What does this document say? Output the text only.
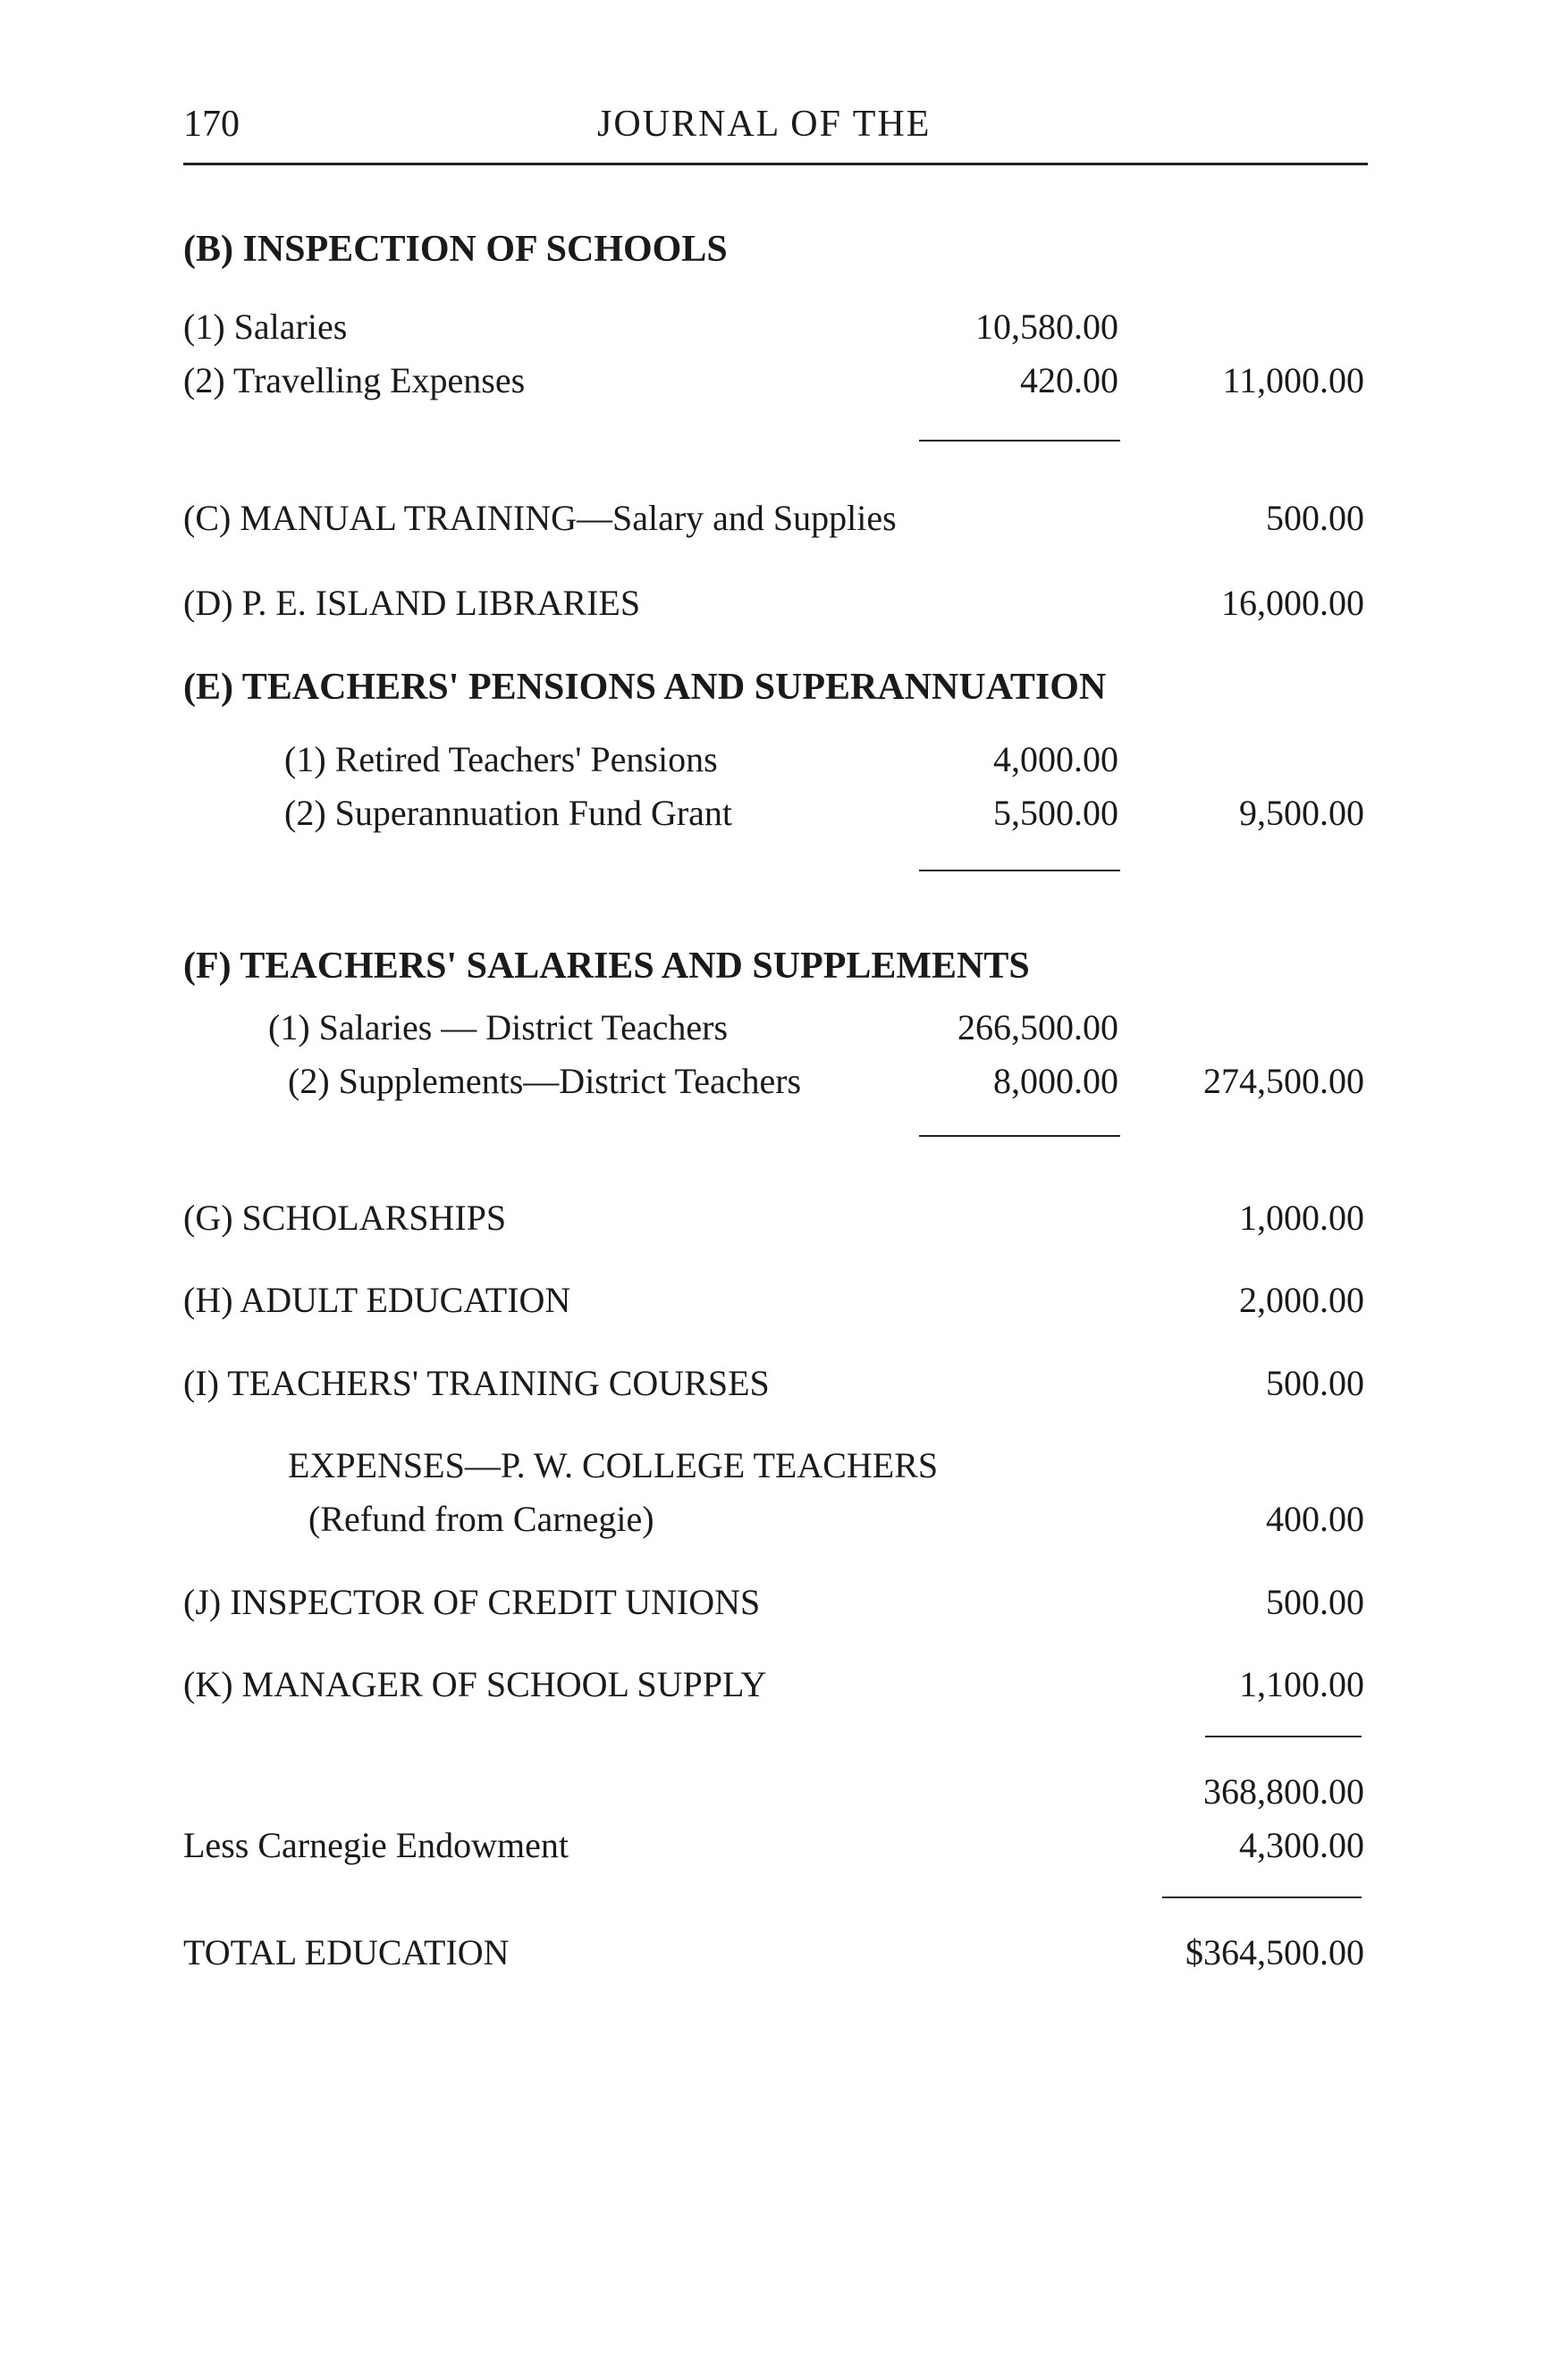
170	JOURNAL OF THE
(B) INSPECTION OF SCHOOLS
(1) Salaries	10,580.00
(2) Travelling Expenses	420.00	11,000.00
(C) MANUAL TRAINING—Salary and Supplies	500.00
(D) P. E. ISLAND LIBRARIES	16,000.00
(E) TEACHERS' PENSIONS AND SUPERANNUATION
(1) Retired Teachers' Pensions	4,000.00
(2) Superannuation Fund Grant	5,500.00	9,500.00
(F) TEACHERS' SALARIES AND SUPPLEMENTS
(1) Salaries — District Teachers	266,500.00
(2) Supplements—District Teachers	8,000.00 274,500.00
(G) SCHOLARSHIPS	1,000.00
(H) ADULT EDUCATION	2,000.00
(I) TEACHERS' TRAINING COURSES	500.00
EXPENSES—P. W. COLLEGE TEACHERS
(Refund from Carnegie)	400.00
(J) INSPECTOR OF CREDIT UNIONS	500.00
(K) MANAGER OF SCHOOL SUPPLY	1,100.00
368,800.00
Less Carnegie Endowment	4,300.00
TOTAL EDUCATION	$364,500.00
